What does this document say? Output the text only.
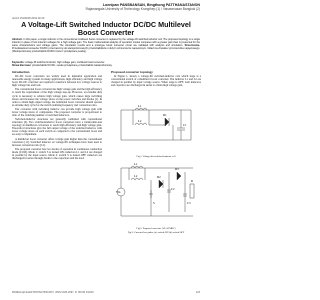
Loenlpan PANSBANSAN, Bingthong PATTHANASTANON
Rajamangala University of Technology Krungthep (1) / Vanasevasan Bangkok (2)
doi:10.15199/48.2019.02.29
A Voltage-Lift Switched Inductor DC/DC Multilevel Boost Converter
Abstract. In this paper, a single inductor in the conventional multilevel boost converter is replaced by the voltage-lift switched-inductor cell. The proposed topology is a single inductor in place of two inductor voltages for a high voltage gain. The basic mathematical analysis of operation modes compares with a greater gain than is presented for the same characteristics and voltage gains. The simulation results and a prototype boost converter circuit are validated with analysis and simulation. Streszczenie. Przedstawiono konwerter DC/DC przeznaczony do wielopoziomowych przekształtników o dużym wzmocnieniu napięciowym. Układ ma charakter przemiennika napięciowego. (Wielopoziomowy przekształtnik DC/DC boost z przełączaną cewką).
Keywords: voltage-lift switched inductor, high voltage gain, multilevel boost converter.
Słowa kluczowe: przekształtnik DC/DC, cewka przełączana, przekształtnik wielopoziomowy.
Introduction

DC-DC boost converters are widely used in industrial application and renewable energy system. In many applications, high efficiency and high voltage boost DC-DC converter are required to interface between low voltage sources to high voltage bus and load.

The conventional boost converter has high voltage gain and the high efficiency to reach the requirement of the high voltage step-up. However, an extreme duty cycle is necessary to achieve high voltage gain, which causes large switching losses and increases the voltage stress on the power switches and diodes [1]. In order to obtain high output voltage, the traditional boost converter should operate at extreme duty cycle for the switch realizing frequency and conversion ratio.

The converter with switching inductor can provide high voltage gain with lower voltage stress of components. The proposed converter is proportional to ratio of the switching number of switched inductors.

Switched-inductor structures are generally combined with conventional structures [4]. Two switched-inductor boost converters have a transformer-less topology in multilevel converters to reach high efficiency and high voltage gain. Theoretical structures give the full output voltage of the switched inductor, with lower voltage stress on each switch as compared to the conventional boost and are easy to implement.

A multilevel boost converter offers voltage gain higher than the conventional converters [11]. Switched inductor on voltage-lift techniques have been used to increase conversion ratio [12].

The proposed converter has two modes of operation in continuous conduction mode (CCM). Mode 1: switch S is turned ON, inductors L1 and L2 are charged in parallel by the input source. Mode 2: switch S is turned OFF, inductors are discharged in series through diodes to the capacitors and the load.

Proposed converter topology

In Figure 1, shown a voltage-lift switched-inductor cell, which stage is a conventional switch of a multilevel boost converter. The inductor L1 and L2 are charged in parallel by input voltage source. When stage is OFF, both inductors and capacitor are discharged in series to obtain high voltage gain.

L1
L2
D1
C1
Fig.1. Voltage-lift switched-inductor cell
Vin
L1
L2
S
D2
D3
C2
C3
R
Fig.2. Proposed converter (VL-SI MBC)
Fig.3. Current flow paths: (a) switch ON (b) switch OFF
PRZEGLĄD ELEKTROTECHNICZNY, ISSN 0033-2097, R. 95 NR 2/2019	123
